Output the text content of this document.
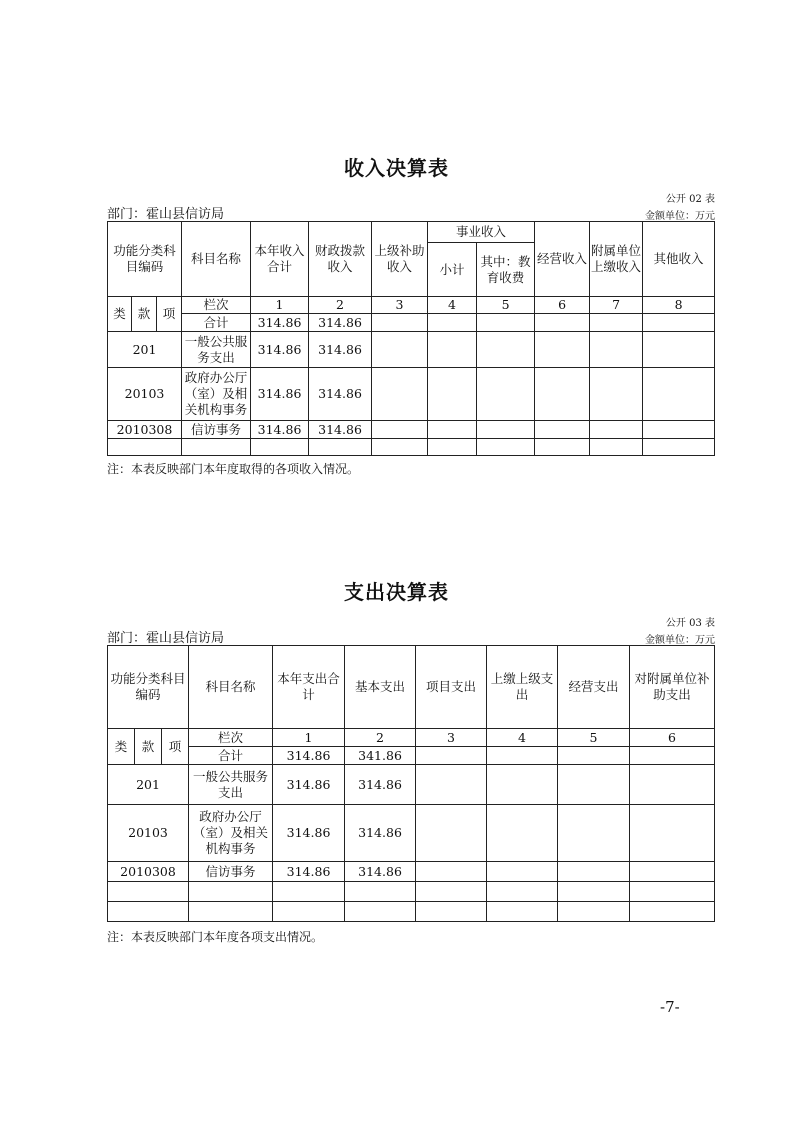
收入决算表
公开 02 表
部门：霍山县信访局	金额单位：万元
功能分类科目编码			科目名称	本年收入合计	财政拨款收入	上级补助收入	事业收入		经营收入	附属单位上缴收入	其他收入
							小计	其中：教育收费			
类	款	项	栏次	1	2	3	4	5	6	7	8
			合计	314.86	314.86						
201			一般公共服务支出	314.86	314.86						
20103			政府办公厅（室）及相关机构事务	314.86	314.86						
2010308			信访事务	314.86	314.86						

注：本表反映部门本年度取得的各项收入情况。
支出决算表
公开 03 表
部门：霍山县信访局	金额单位：万元
功能分类科目编码			科目名称	本年支出合计	基本支出	项目支出	上缴上级支出	经营支出	对附属单位补助支出
类	款	项	栏次	1	2	3	4	5	6
			合计	314.86	341.86				
201			一般公共服务支出	314.86	314.86				
20103			政府办公厅（室）及相关机构事务	314.86	314.86				
2010308			信访事务	314.86	314.86				

注：本表反映部门本年度各项支出情况。
-7-
